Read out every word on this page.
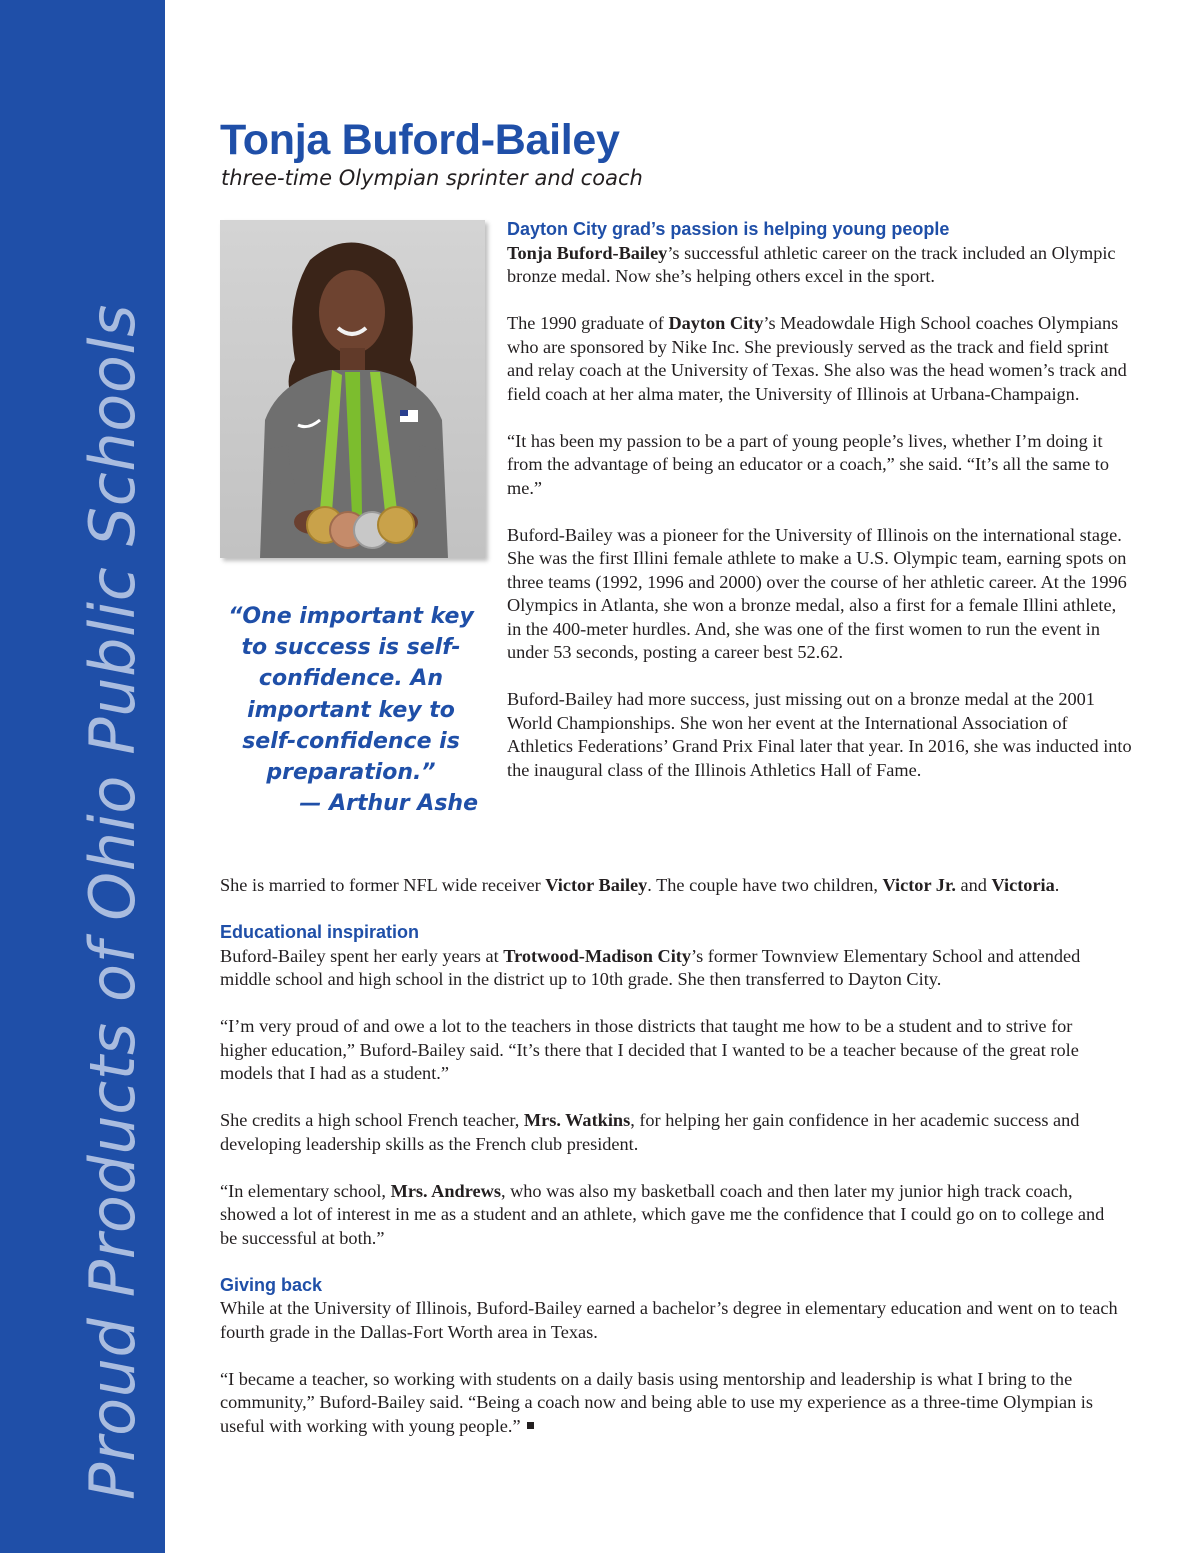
Proud Products of Ohio Public Schools
Tonja Buford-Bailey
three-time Olympian sprinter and coach
“One important key to success is self-confidence. An important key to self-confidence is preparation.”
— Arthur Ashe
Dayton City grad’s passion is helping young people

Tonja Buford-Bailey’s successful athletic career on the track included an Olympic bronze medal. Now she’s helping others excel in the sport.

The 1990 graduate of Dayton City’s Meadowdale High School coaches Olympians who are sponsored by Nike Inc. She previously served as the track and field sprint and relay coach at the University of Texas. She also was the head women’s track and field coach at her alma mater, the University of Illinois at Urbana-Champaign.

“It has been my passion to be a part of young people’s lives, whether I’m doing it from the advantage of being an educator or a coach,” she said. “It’s all the same to me.”

Buford-Bailey was a pioneer for the University of Illinois on the international stage. She was the first Illini female athlete to make a U.S. Olympic team, earning spots on three teams (1992, 1996 and 2000) over the course of her athletic career. At the 1996 Olympics in Atlanta, she won a bronze medal, also a first for a female Illini athlete, in the 400-meter hurdles. And, she was one of the first women to run the event in under 53 seconds, posting a career best 52.62.

Buford-Bailey had more success, just missing out on a bronze medal at the 2001 World Championships. She won her event at the International Association of Athletics Federations’ Grand Prix Final later that year. In 2016, she was inducted into the inaugural class of the Illinois Athletics Hall of Fame.

She is married to former NFL wide receiver Victor Bailey. The couple have two children, Victor Jr. and Victoria.

Educational inspiration

Buford-Bailey spent her early years at Trotwood-Madison City’s former Townview Elementary School and attended middle school and high school in the district up to 10th grade. She then transferred to Dayton City.

“I’m very proud of and owe a lot to the teachers in those districts that taught me how to be a student and to strive for higher education,” Buford-Bailey said. “It’s there that I decided that I wanted to be a teacher because of the great role models that I had as a student.”

She credits a high school French teacher, Mrs. Watkins, for helping her gain confidence in her academic success and developing leadership skills as the French club president.

“In elementary school, Mrs. Andrews, who was also my basketball coach and then later my junior high track coach, showed a lot of interest in me as a student and an athlete, which gave me the confidence that I could go on to college and be successful at both.”

Giving back

While at the University of Illinois, Buford-Bailey earned a bachelor’s degree in elementary education and went on to teach fourth grade in the Dallas-Fort Worth area in Texas.

“I became a teacher, so working with students on a daily basis using mentorship and leadership is what I bring to the community,” Buford-Bailey said. “Being a coach now and being able to use my experience as a three-time Olympian is useful with working with young people.”
